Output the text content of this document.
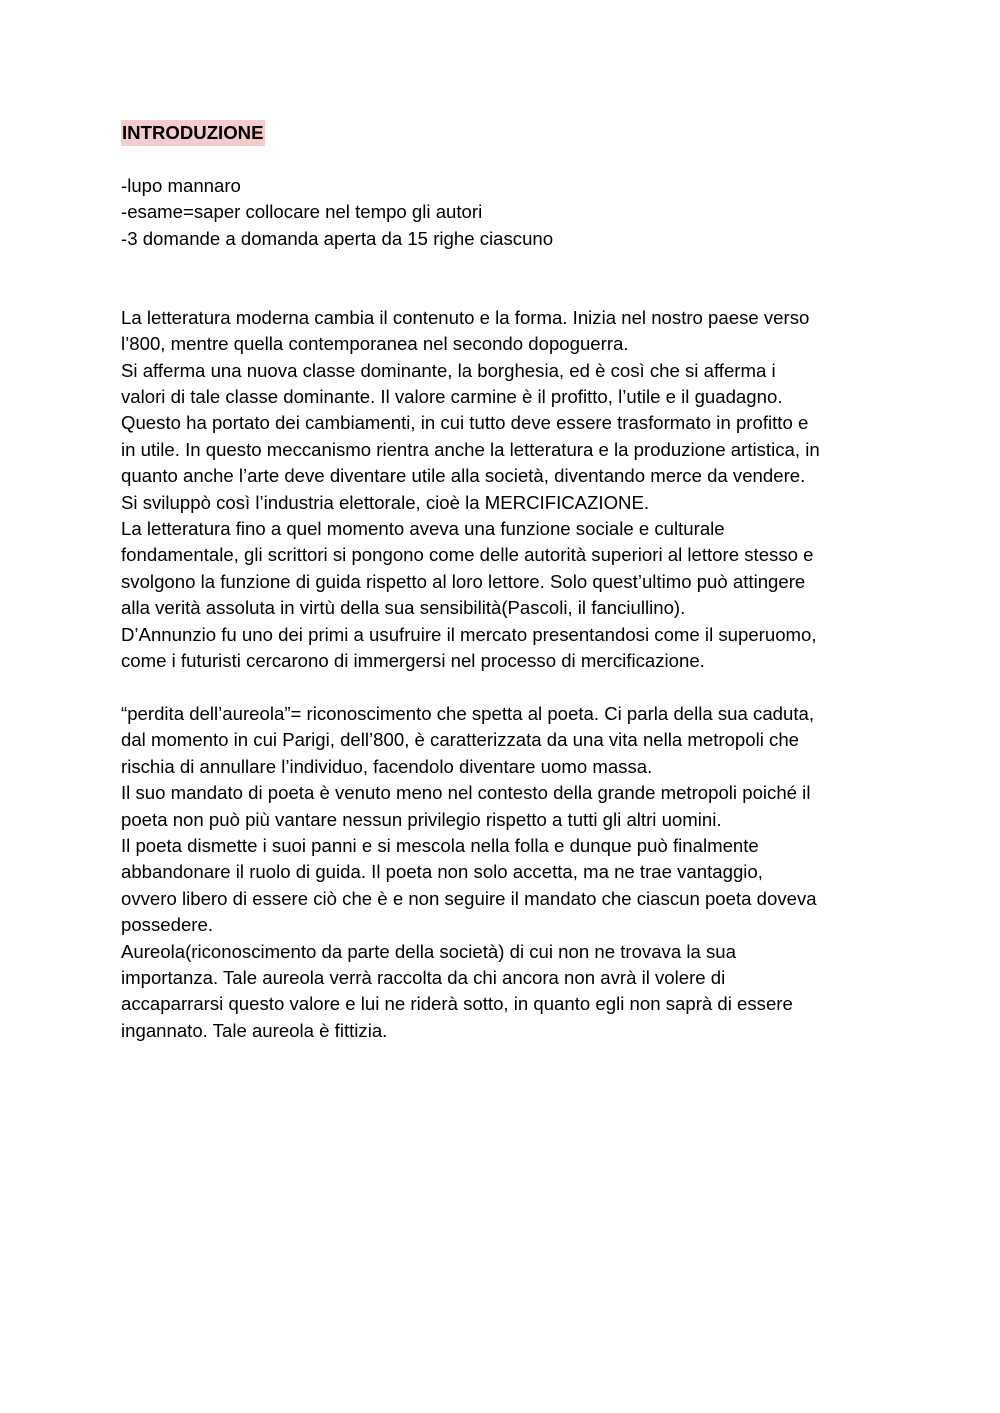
INTRODUZIONE
-lupo mannaro
-esame=saper collocare nel tempo gli autori
-3 domande a domanda aperta da 15 righe ciascuno
La letteratura moderna cambia il contenuto e la forma. Inizia nel nostro paese verso
l’800, mentre quella contemporanea nel secondo dopoguerra.
Si afferma una nuova classe dominante, la borghesia, ed è così che si afferma i
valori di tale classe dominante. Il valore carmine è il profitto, l’utile e il guadagno.
Questo ha portato dei cambiamenti, in cui tutto deve essere trasformato in profitto e
in utile. In questo meccanismo rientra anche la letteratura e la produzione artistica, in
quanto anche l’arte deve diventare utile alla società, diventando merce da vendere.
Si sviluppò così l’industria elettorale, cioè la MERCIFICAZIONE.
La letteratura fino a quel momento aveva una funzione sociale e culturale
fondamentale, gli scrittori si pongono come delle autorità superiori al lettore stesso e
svolgono la funzione di guida rispetto al loro lettore. Solo quest’ultimo può attingere
alla verità assoluta in virtù della sua sensibilità(Pascoli, il fanciullino).
D’Annunzio fu uno dei primi a usufruire il mercato presentandosi come il superuomo,
come i futuristi cercarono di immergersi nel processo di mercificazione.
“perdita dell’aureola”= riconoscimento che spetta al poeta. Ci parla della sua caduta,
dal momento in cui Parigi, dell’800, è caratterizzata da una vita nella metropoli che
rischia di annullare l’individuo, facendolo diventare uomo massa.
Il suo mandato di poeta è venuto meno nel contesto della grande metropoli poiché il
poeta non può più vantare nessun privilegio rispetto a tutti gli altri uomini.
Il poeta dismette i suoi panni e si mescola nella folla e dunque può finalmente
abbandonare il ruolo di guida. Il poeta non solo accetta, ma ne trae vantaggio,
ovvero libero di essere ciò che è e non seguire il mandato che ciascun poeta doveva
possedere.
Aureola(riconoscimento da parte della società) di cui non ne trovava la sua
importanza. Tale aureola verrà raccolta da chi ancora non avrà il volere di
accaparrarsi questo valore e lui ne riderà sotto, in quanto egli non saprà di essere
ingannato. Tale aureola è fittizia.
